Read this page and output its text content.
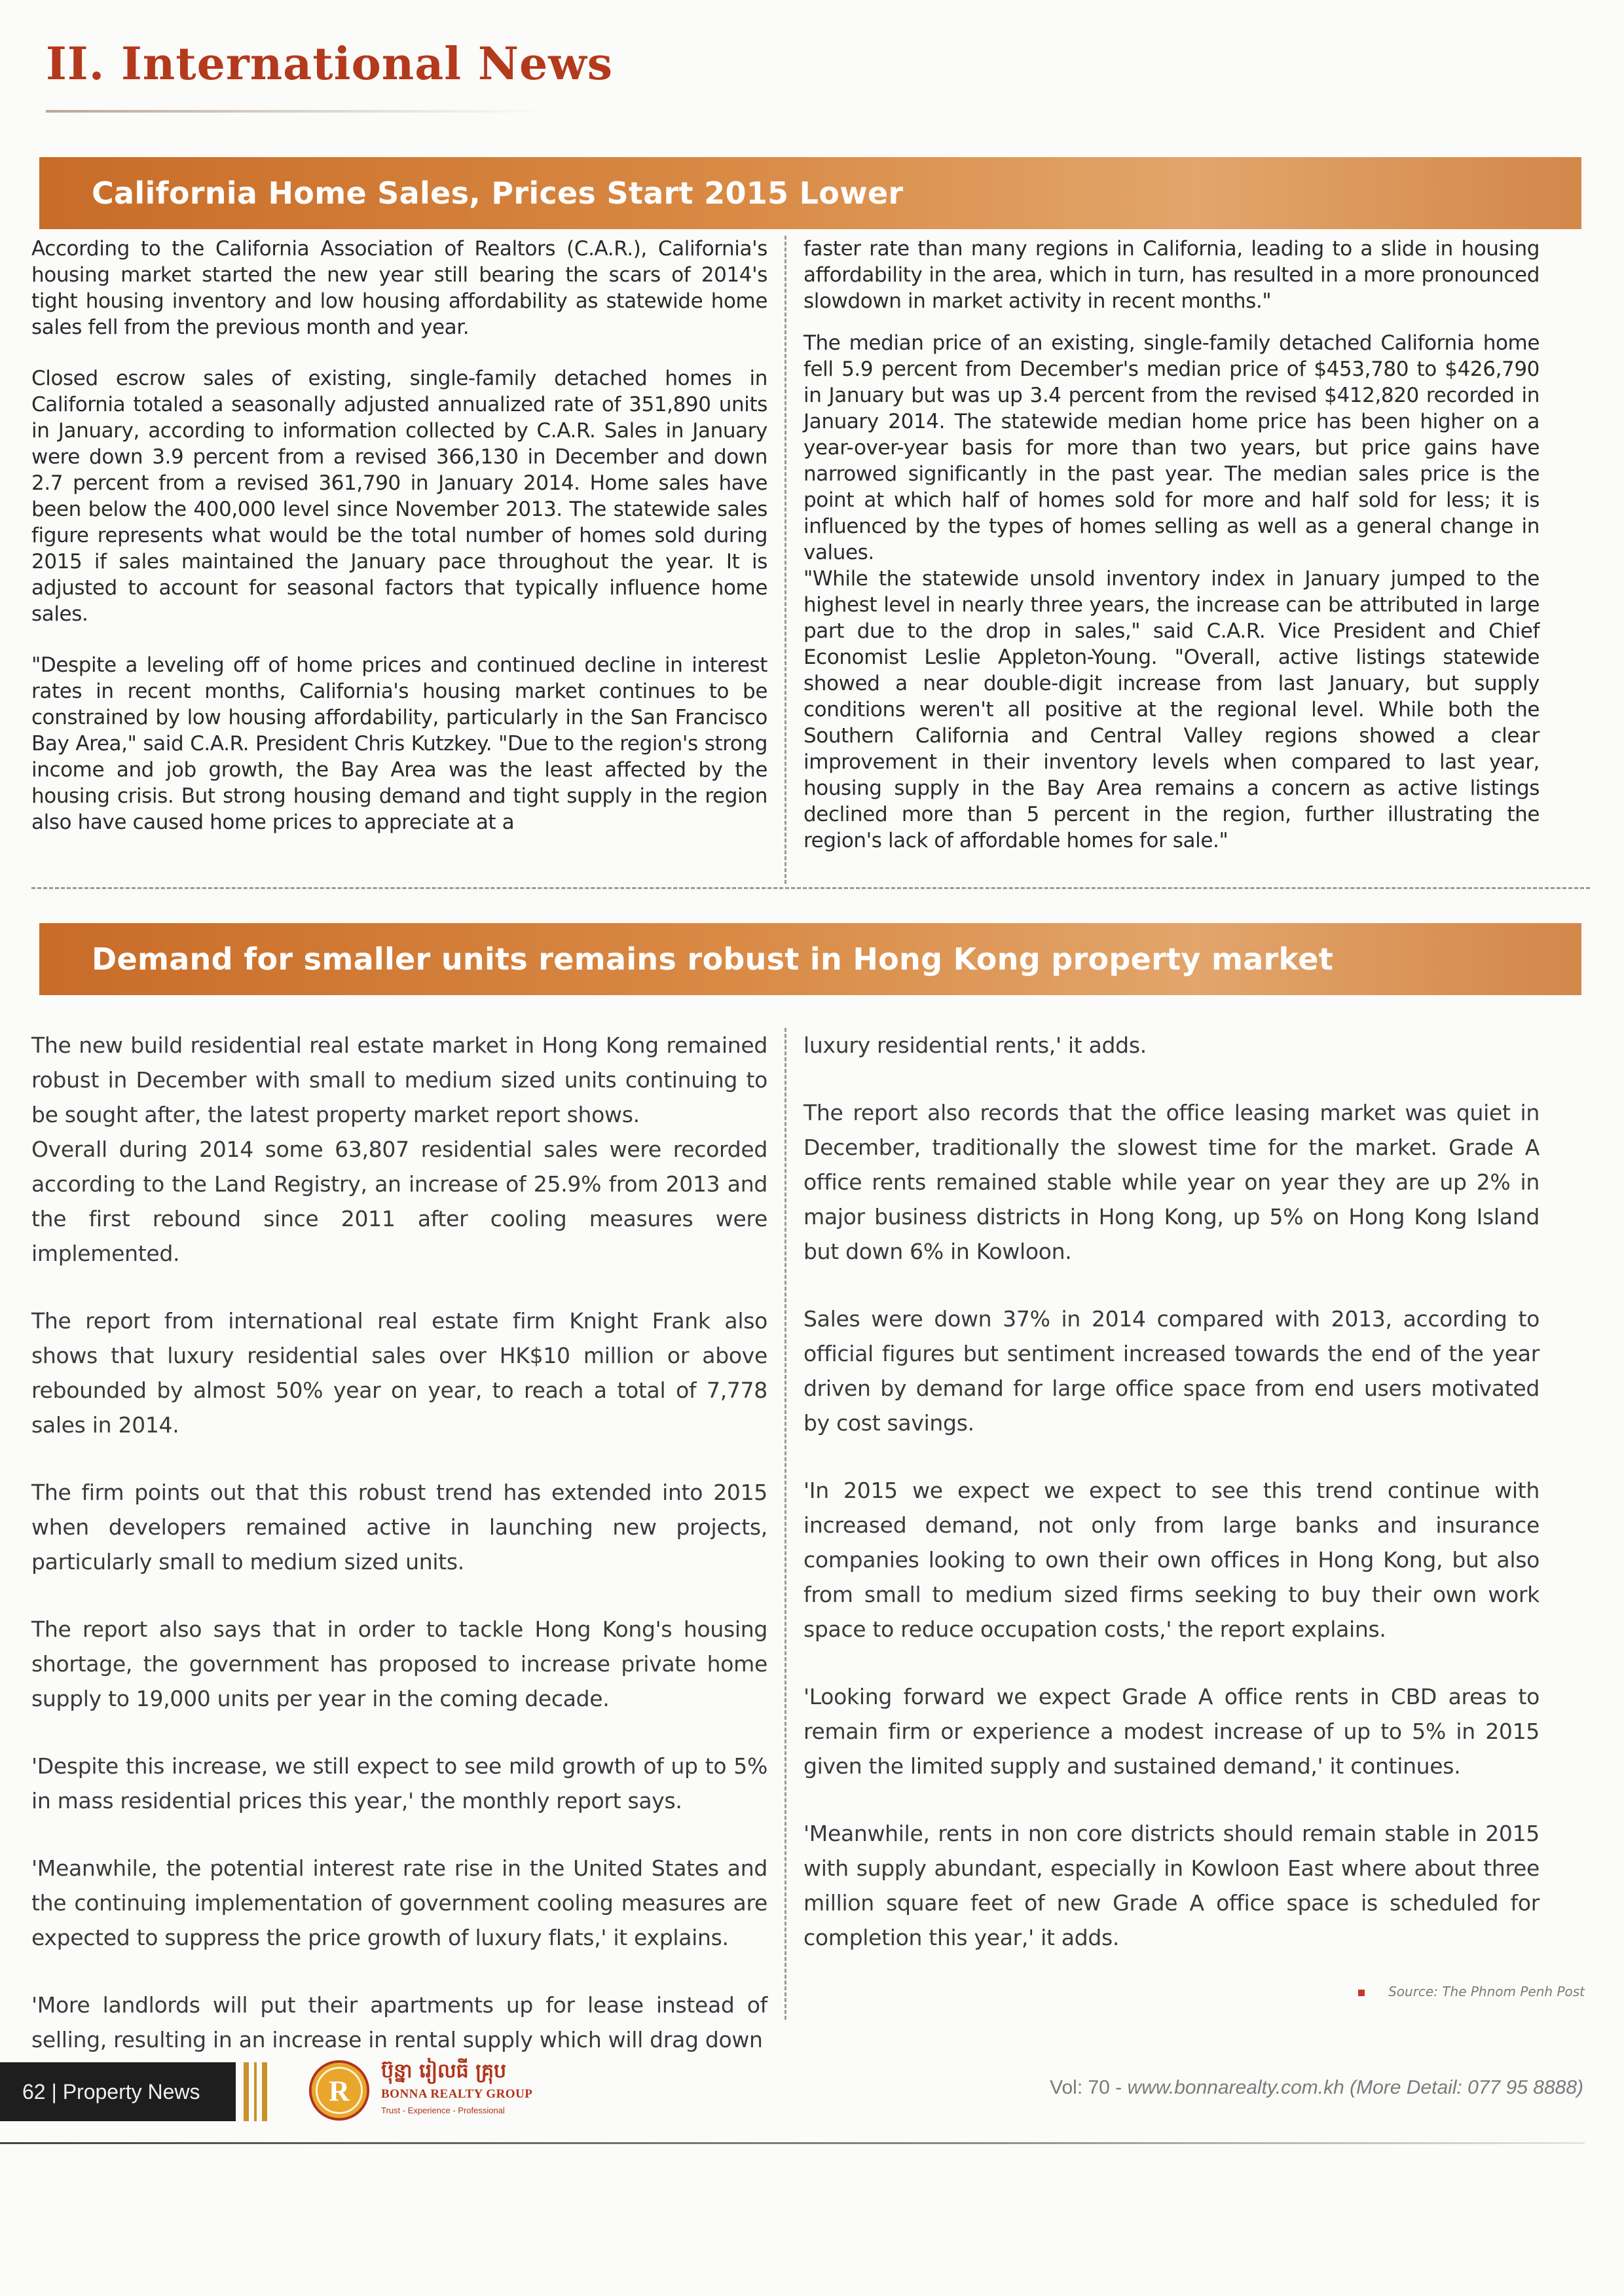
II. International News
California Home Sales, Prices Start 2015 Lower

According to the California Association of Realtors (C.A.R.), California's housing market started the new year still bearing the scars of 2014's tight housing inventory and low housing affordability as statewide home sales fell from the previous month and year.

Closed escrow sales of existing, single-family detached homes in California totaled a seasonally adjusted annualized rate of 351,890 units in January, according to information collected by C.A.R. Sales in January were down 3.9 percent from a revised 366,130 in December and down 2.7 percent from a revised 361,790 in January 2014. Home sales have been below the 400,000 level since November 2013. The statewide sales figure represents what would be the total number of homes sold during 2015 if sales maintained the January pace throughout the year. It is adjusted to account for seasonal factors that typically influence home sales.

"Despite a leveling off of home prices and continued decline in interest rates in recent months, California's housing market continues to be constrained by low housing affordability, particularly in the San Francisco Bay Area," said C.A.R. President Chris Kutzkey. "Due to the region's strong income and job growth, the Bay Area was the least affected by the housing crisis. But strong housing demand and tight supply in the region also have caused home prices to appreciate at a

faster rate than many regions in California, leading to a slide in housing affordability in the area, which in turn, has resulted in a more pronounced slowdown in market activity in recent months."

The median price of an existing, single-family detached California home fell 5.9 percent from December's median price of $453,780 to $426,790 in January but was up 3.4 percent from the revised $412,820 recorded in January 2014. The statewide median home price has been higher on a year-over-year basis for more than two years, but price gains have narrowed significantly in the past year. The median sales price is the point at which half of homes sold for more and half sold for less; it is influenced by the types of homes selling as well as a general change in values.

"While the statewide unsold inventory index in January jumped to the highest level in nearly three years, the increase can be attributed in large part due to the drop in sales," said C.A.R. Vice President and Chief Economist Leslie Appleton-Young. "Overall, active listings statewide showed a near double-digit increase from last January, but supply conditions weren't all positive at the regional level. While both the Southern California and Central Valley regions showed a clear improvement in their inventory levels when compared to last year, housing supply in the Bay Area remains a concern as active listings declined more than 5 percent in the region, further illustrating the region's lack of affordable homes for sale."

Demand for smaller units remains robust in Hong Kong property market

The new build residential real estate market in Hong Kong remained robust in December with small to medium sized units continuing to be sought after, the latest property market report shows.

Overall during 2014 some 63,807 residential sales were recorded according to the Land Registry, an increase of 25.9% from 2013 and the first rebound since 2011 after cooling measures were implemented.

The report from international real estate firm Knight Frank also shows that luxury residential sales over HK$10 million or above rebounded by almost 50% year on year, to reach a total of 7,778 sales in 2014.

The firm points out that this robust trend has extended into 2015 when developers remained active in launching new projects, particularly small to medium sized units.

The report also says that in order to tackle Hong Kong's housing shortage, the government has proposed to increase private home supply to 19,000 units per year in the coming decade.

'Despite this increase, we still expect to see mild growth of up to 5% in mass residential prices this year,' the monthly report says.

'Meanwhile, the potential interest rate rise in the United States and the continuing implementation of government cooling measures are expected to suppress the price growth of luxury flats,' it explains.

'More landlords will put their apartments up for lease instead of selling, resulting in an increase in rental supply which will drag down

luxury residential rents,' it adds.

The report also records that the office leasing market was quiet in December, traditionally the slowest time for the market. Grade A office rents remained stable while year on year they are up 2% in major business districts in Hong Kong, up 5% on Hong Kong Island but down 6% in Kowloon.

Sales were down 37% in 2014 compared with 2013, according to official figures but sentiment increased towards the end of the year driven by demand for large office space from end users motivated by cost savings.

'In 2015 we expect we expect to see this trend continue with increased demand, not only from large banks and insurance companies looking to own their own offices in Hong Kong, but also from small to medium sized firms seeking to buy their own work space to reduce occupation costs,' the report explains.

'Looking forward we expect Grade A office rents in CBD areas to remain firm or experience a modest increase of up to 5% in 2015 given the limited supply and sustained demand,' it continues.

'Meanwhile, rents in non core districts should remain stable in 2015 with supply abundant, especially in Kowloon East where about three million square feet of new Grade A office space is scheduled for completion this year,' it adds.

Source: The Phnom Penh Post
62 | Property News	R
ប៊ុន្នា រៀលធី គ្រុប
BONNA REALTY GROUP
Trust - Experience - Professional
Vol: 70 - www.bonnarealty.com.kh (More Detail: 077 95 8888)
